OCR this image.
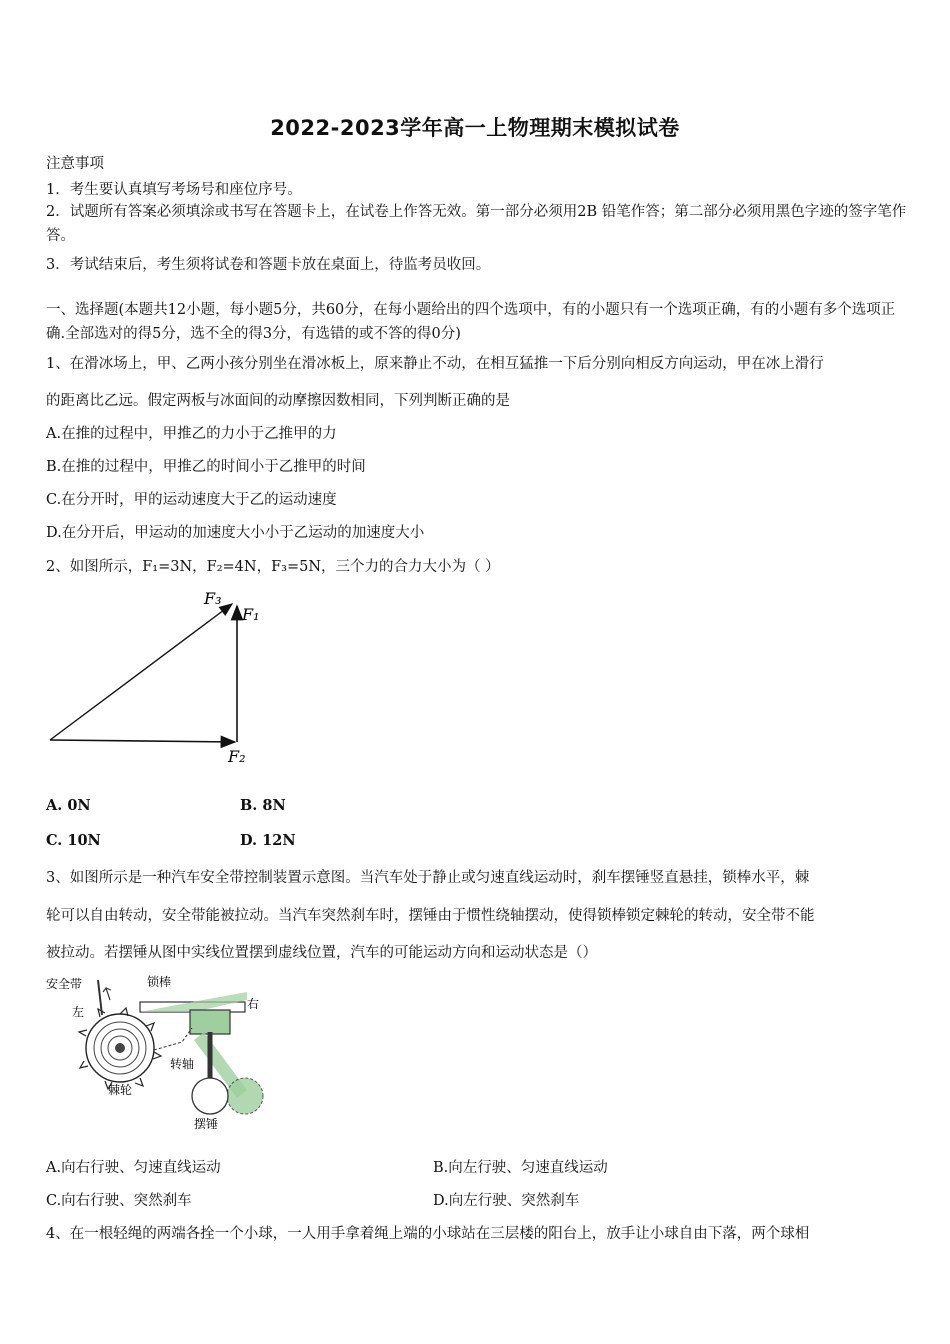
2022-2023学年高一上物理期末模拟试卷
注意事项
1．考生要认真填写考场号和座位序号。
2．试题所有答案必须填涂或书写在答题卡上，在试卷上作答无效。第一部分必须用2B 铅笔作答；第二部分必须用黑色字迹的签字笔作答。
3．考试结束后，考生须将试卷和答题卡放在桌面上，待监考员收回。
一、选择题(本题共12小题，每小题5分，共60分，在每小题给出的四个选项中，有的小题只有一个选项正确，有的小题有多个选项正确.全部选对的得5分，选不全的得3分，有选错的或不答的得0分)
1、在滑冰场上，甲、乙两小孩分别坐在滑冰板上，原来静止不动，在相互猛推一下后分别向相反方向运动，甲在冰上滑行
的距离比乙远。假定两板与冰面间的动摩擦因数相同，下列判断正确的是
A.在推的过程中，甲推乙的力小于乙推甲的力
B.在推的过程中，甲推乙的时间小于乙推甲的时间
C.在分开时，甲的运动速度大于乙的运动速度
D.在分开后，甲运动的加速度大小小于乙运动的加速度大小
2、如图所示，F₁=3N，F₂=4N，F₃=5N，三个力的合力大小为（ ）
F₃
F₁
F₂
A. 0N	B. 8N
C. 10N	D. 12N
3、如图所示是一种汽车安全带控制装置示意图。当汽车处于静止或匀速直线运动时，刹车摆锤竖直悬挂，锁棒水平，棘
轮可以自由转动，安全带能被拉动。当汽车突然刹车时，摆锤由于惯性绕轴摆动，使得锁棒锁定棘轮的转动，安全带不能
被拉动。若摆锤从图中实线位置摆到虚线位置，汽车的可能运动方向和运动状态是（）
安全带
左
锁棒
右
转轴
棘轮
摆锤
A.向右行驶、匀速直线运动	B.向左行驶、匀速直线运动
C.向右行驶、突然刹车	D.向左行驶、突然刹车
4、在一根轻绳的两端各拴一个小球，一人用手拿着绳上端的小球站在三层楼的阳台上，放手让小球自由下落，两个球相
